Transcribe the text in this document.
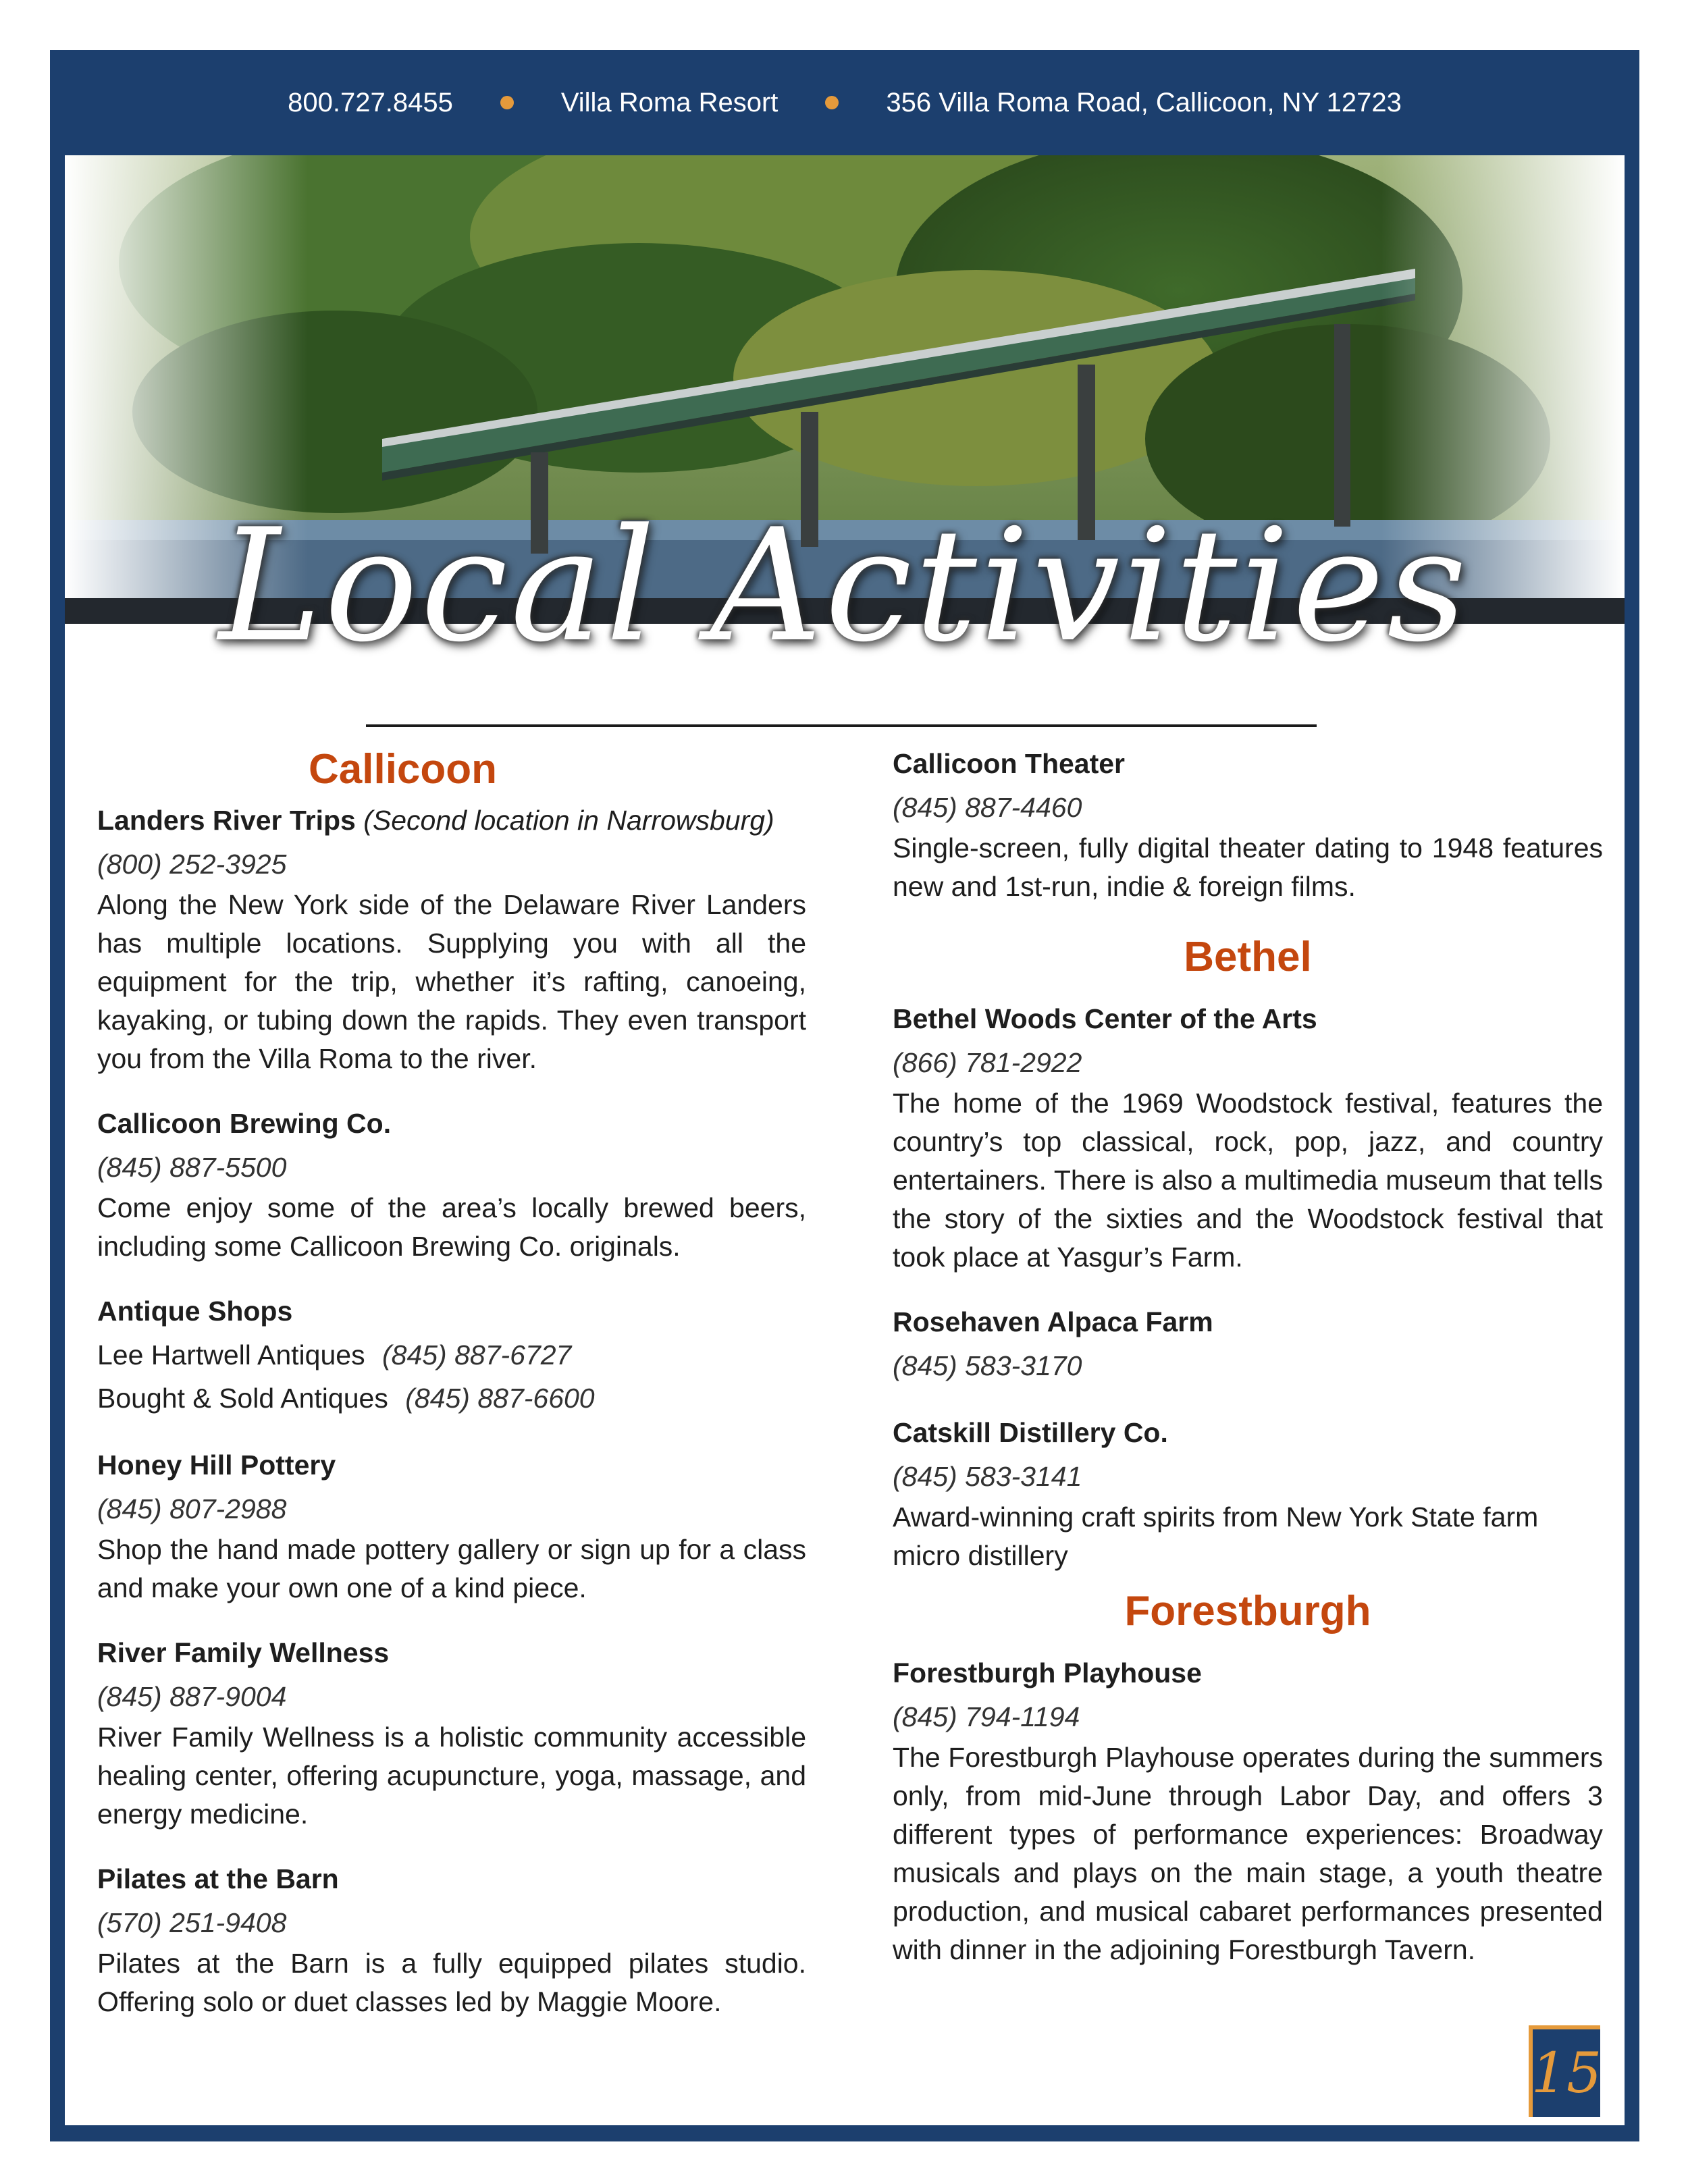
800.727.8455	Villa Roma Resort	356 Villa Roma Road, Callicoon, NY 12723
Local Activities
Callicoon
Landers River Trips (Second location in Narrowsburg)
(800) 252-3925
Along the New York side of the Delaware River Landers has multiple locations. Supplying you with all the equipment for the trip, whether it’s rafting, canoeing, kayaking, or tubing down the rapids. They even transport you from the Villa Roma to the river.
Callicoon Brewing Co.
(845) 887-5500
Come enjoy some of the area’s locally brewed beers, including some Callicoon Brewing Co. originals.
Antique Shops
Lee Hartwell Antiques (845) 887-6727
Bought & Sold Antiques (845) 887-6600
Honey Hill Pottery
(845) 807-2988
Shop the hand made pottery gallery or sign up for a class and make your own one of a kind piece.
River Family Wellness
(845) 887-9004
River Family Wellness is a holistic community accessible healing center, offering acupuncture, yoga, massage, and energy medicine.
Pilates at the Barn
(570) 251-9408
Pilates at the Barn is a fully equipped pilates studio. Offering solo or duet classes led by Maggie Moore.
Callicoon Theater
(845) 887-4460
Single-screen, fully digital theater dating to 1948 features new and 1st-run, indie & foreign films.
Bethel
Bethel Woods Center of the Arts
(866) 781-2922
The home of the 1969 Woodstock festival, features the country’s top classical, rock, pop, jazz, and country entertainers. There is also a multimedia museum that tells the story of the sixties and the Woodstock festival that took place at Yasgur’s Farm.
Rosehaven Alpaca Farm
(845) 583-3170
Catskill Distillery Co.
(845) 583-3141
Award-winning craft spirits from New York State farm micro distillery
Forestburgh
Forestburgh Playhouse
(845) 794-1194
The Forestburgh Playhouse operates during the summers only, from mid-June through Labor Day, and offers 3 different types of performance experiences: Broadway musicals and plays on the main stage, a youth theatre production, and musical cabaret performances presented with dinner in the adjoining Forestburgh Tavern.
15
